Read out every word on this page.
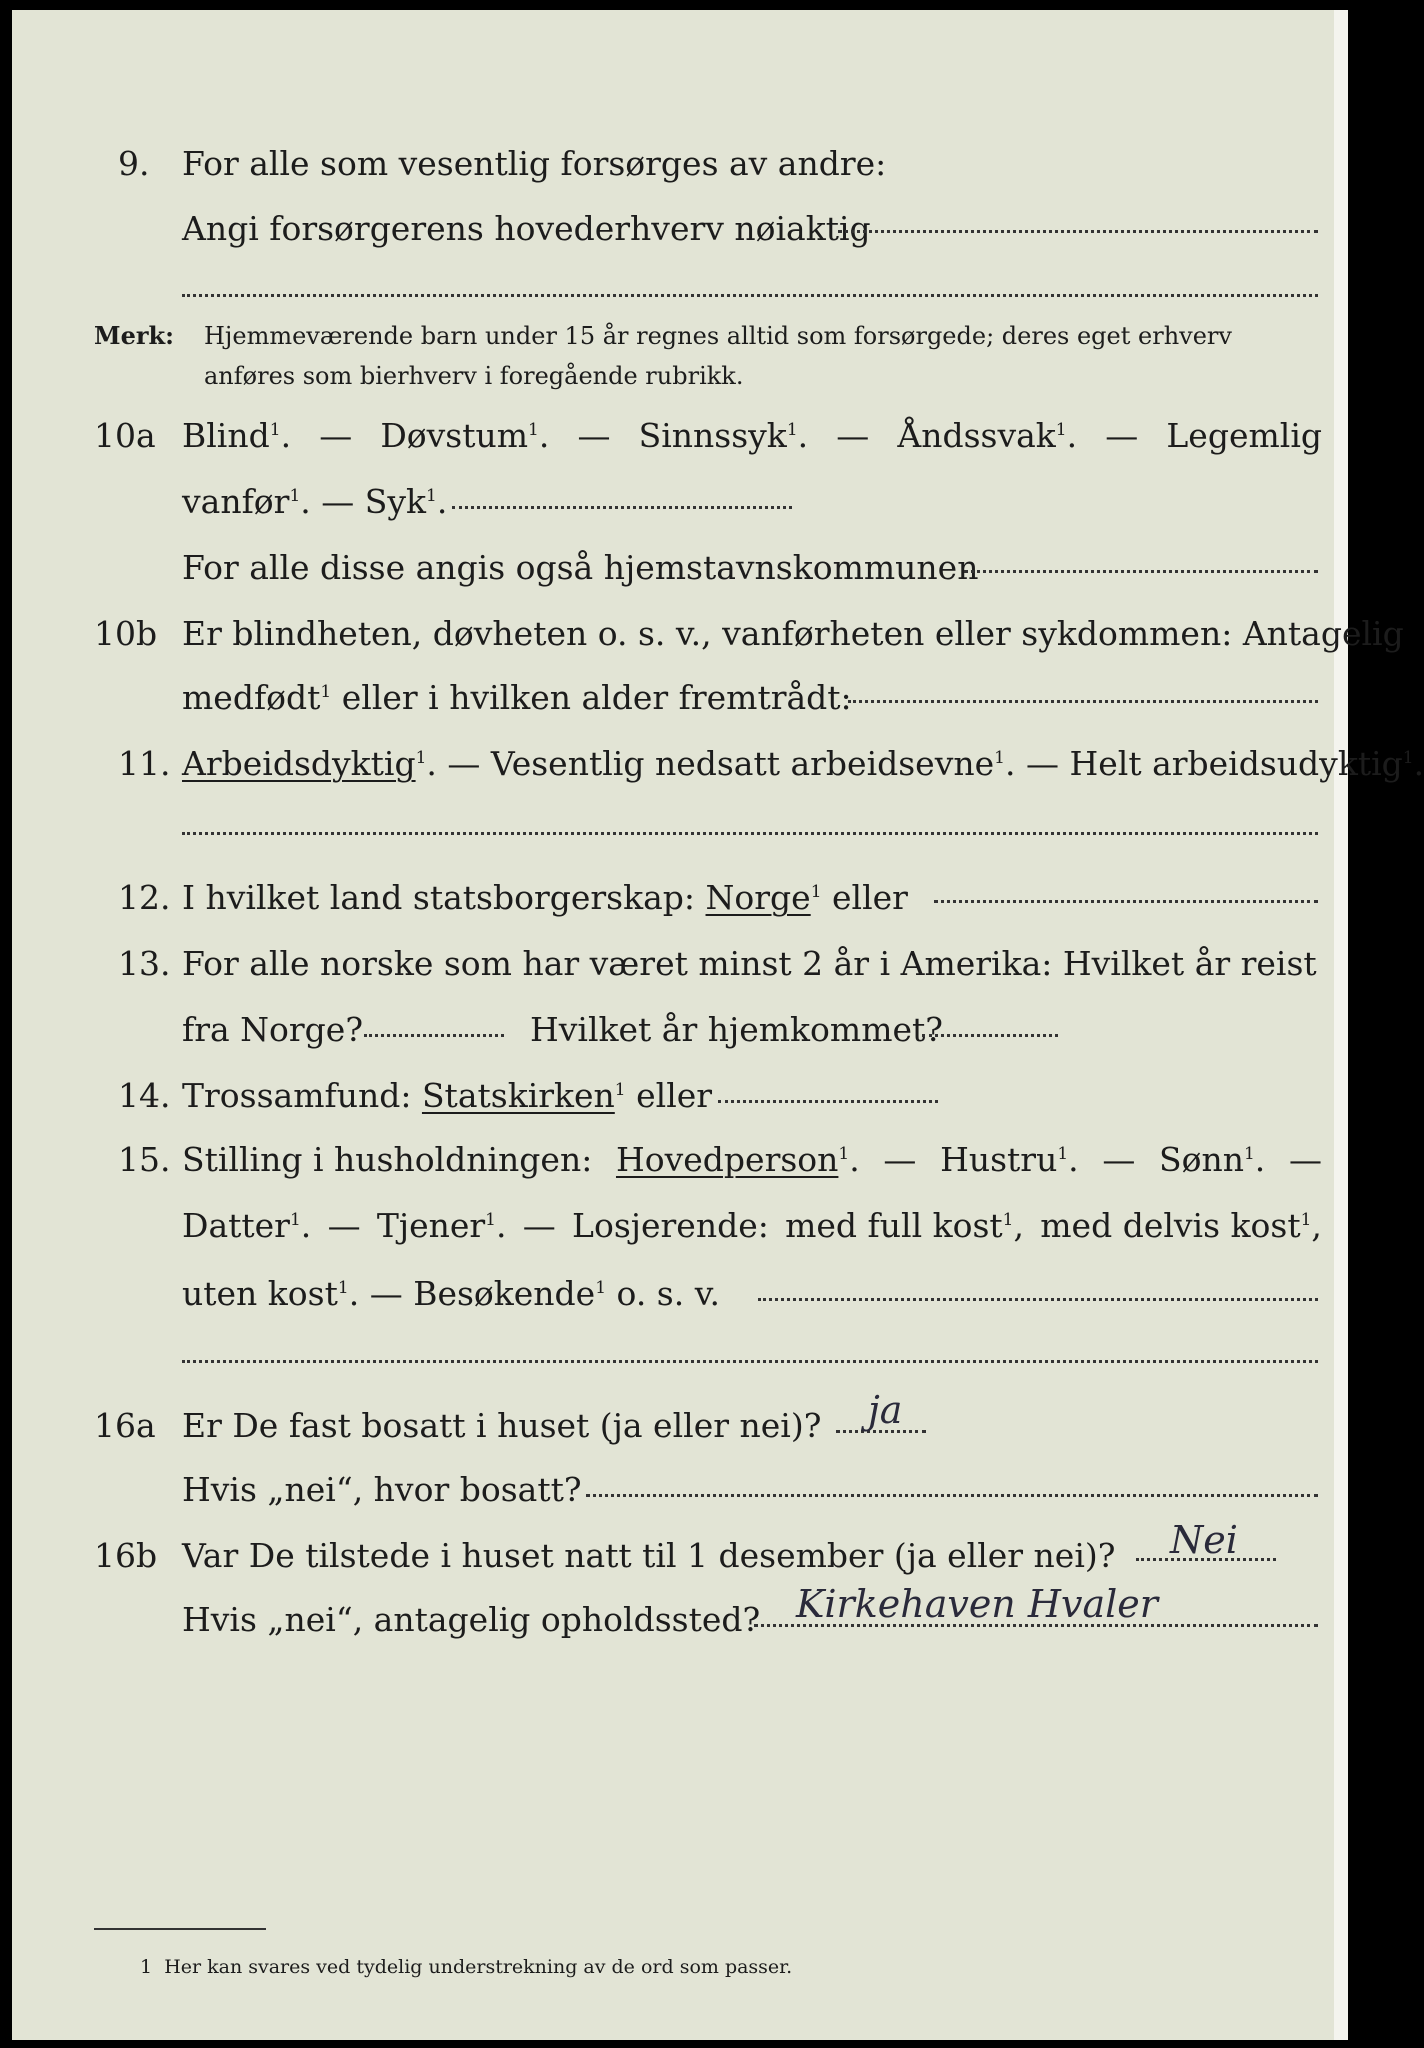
9. For alle som vesentlig forsørges av andre:
Angi forsørgerens hovederhverv nøiaktig
Merk: Hjemmeværende barn under 15 år regnes alltid som forsørgede; deres eget erhverv
anføres som bierhverv i foregående rubrikk.
10a Blind$^1$. — Døvstum$^1$. — Sinnssyk$^1$. — Åndssvak$^1$. — Legemlig
vanfør$^1$. — Syk$^1$.
For alle disse angis også hjemstavnskommunen
10b Er blindheten, døvheten o. s. v., vanførheten eller sykdommen: Antagelig
medfødt$^1$ eller i hvilken alder fremtrådt:
11. Arbeidsdyktig$^1$. — Vesentlig nedsatt arbeidsevne$^1$. — Helt arbeidsudyktig$^1$.
12. I hvilket land statsborgerskap: Norge$^1$ eller
13. For alle norske som har været minst 2 år i Amerika: Hvilket år reist
fra Norge?	Hvilket år hjemkommet?
14. Trossamfund: Statskirken$^1$ eller
15. Stilling i husholdningen: Hovedperson$^1$. — Hustru$^1$. — Sønn$^1$. —
Datter$^1$. — Tjener$^1$. — Losjerende: med full kost$^1$, med delvis kost$^1$,
uten kost$^1$. — Besøkende$^1$ o. s. v.
16a Er De fast bosatt i huset (ja eller nei)? ja
Hvis „nei“, hvor bosatt?
16b Var De tilstede i huset natt til 1 desember (ja eller nei)? Nei
Hvis „nei“, antagelig opholdssted? Kirkehaven Hvaler
1 Her kan svares ved tydelig understrekning av de ord som passer.
